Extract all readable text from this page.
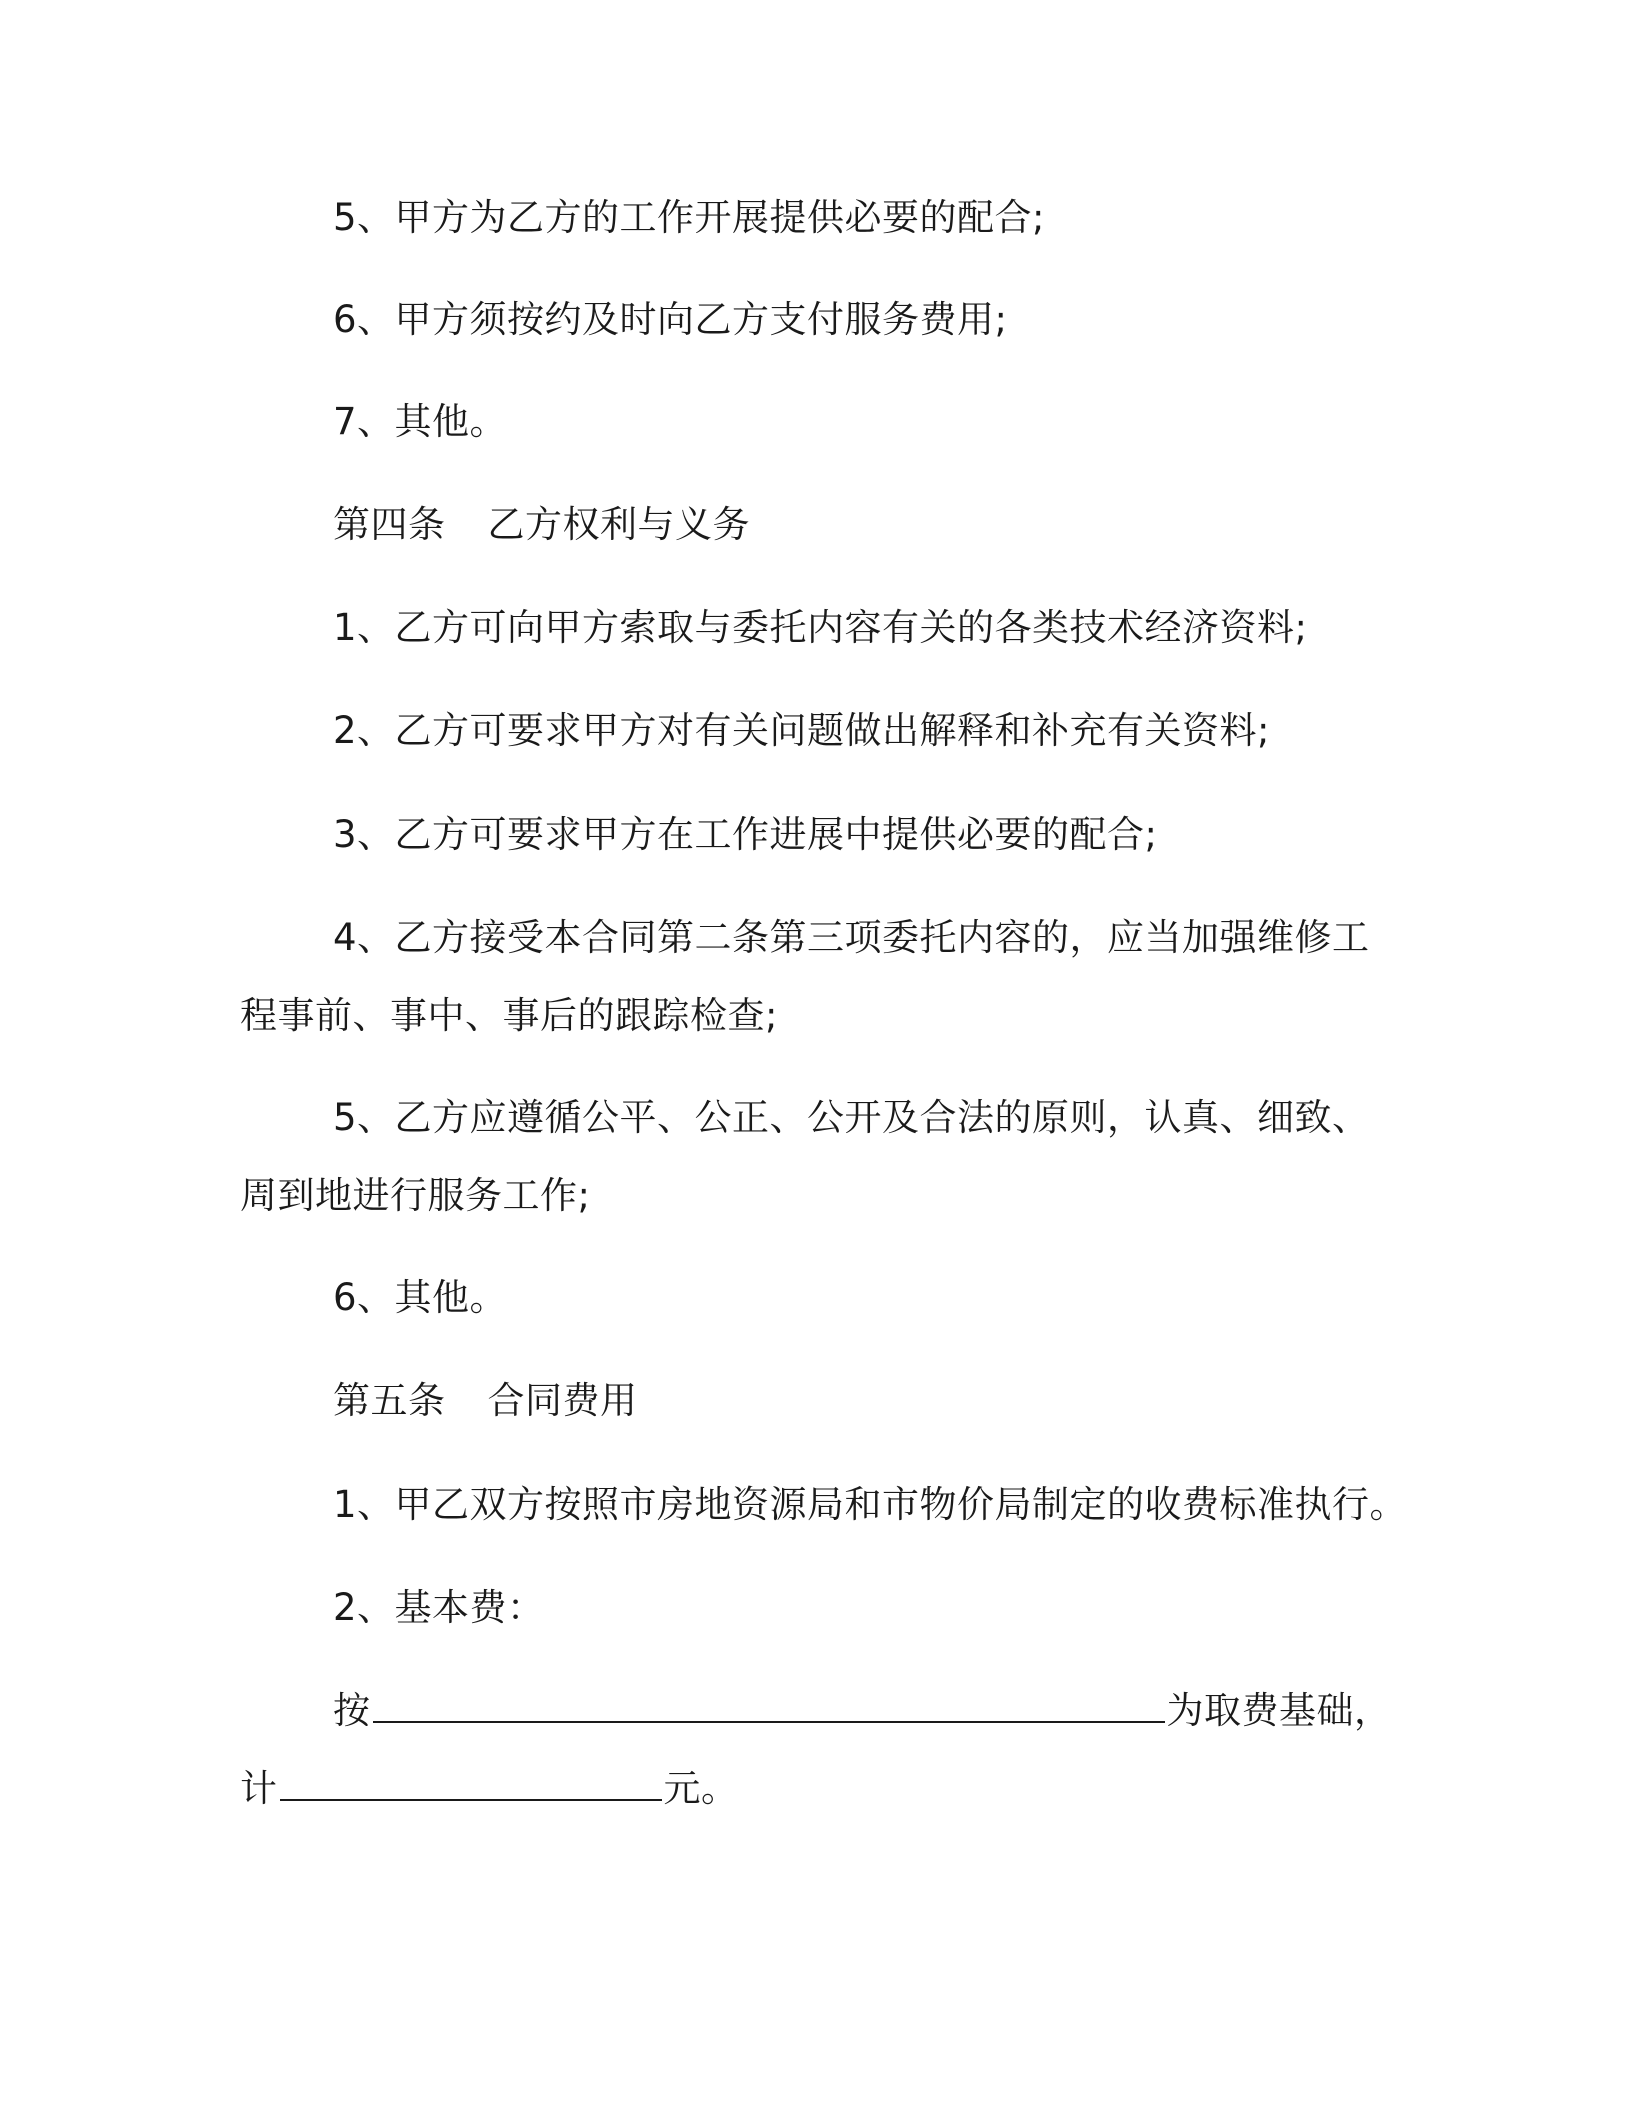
5、甲方为乙方的工作开展提供必要的配合;
6、甲方须按约及时向乙方支付服务费用;
7、其他。
第四条 乙方权利与义务
1、乙方可向甲方索取与委托内容有关的各类技术经济资料;
2、乙方可要求甲方对有关问题做出解释和补充有关资料;
3、乙方可要求甲方在工作进展中提供必要的配合;
4、乙方接受本合同第二条第三项委托内容的，应当加强维修工
程事前、事中、事后的跟踪检查;
5、乙方应遵循公平、公正、公开及合法的原则，认真、细致、
周到地进行服务工作;
6、其他。
第五条 合同费用
1、甲乙双方按照市房地资源局和市物价局制定的收费标准执行。
2、基本费：
按	为取费基础，
计	元。
